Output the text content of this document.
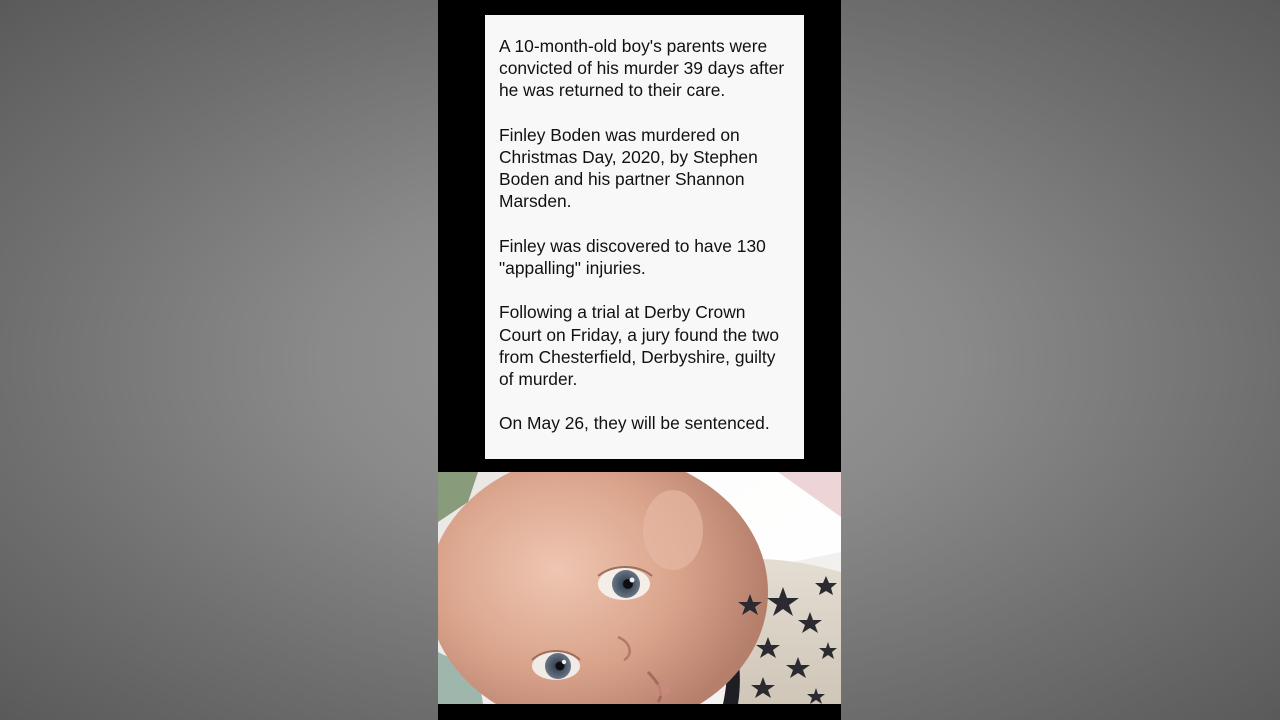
A 10-month-old boy's parents were convicted of his murder 39 days after he was returned to their care.

Finley Boden was murdered on Christmas Day, 2020, by Stephen Boden and his partner Shannon Marsden.

Finley was discovered to have 130 "appalling" injuries.

Following a trial at Derby Crown Court on Friday, a jury found the two from Chesterfield, Derbyshire, guilty of murder.

On May 26, they will be sentenced.
